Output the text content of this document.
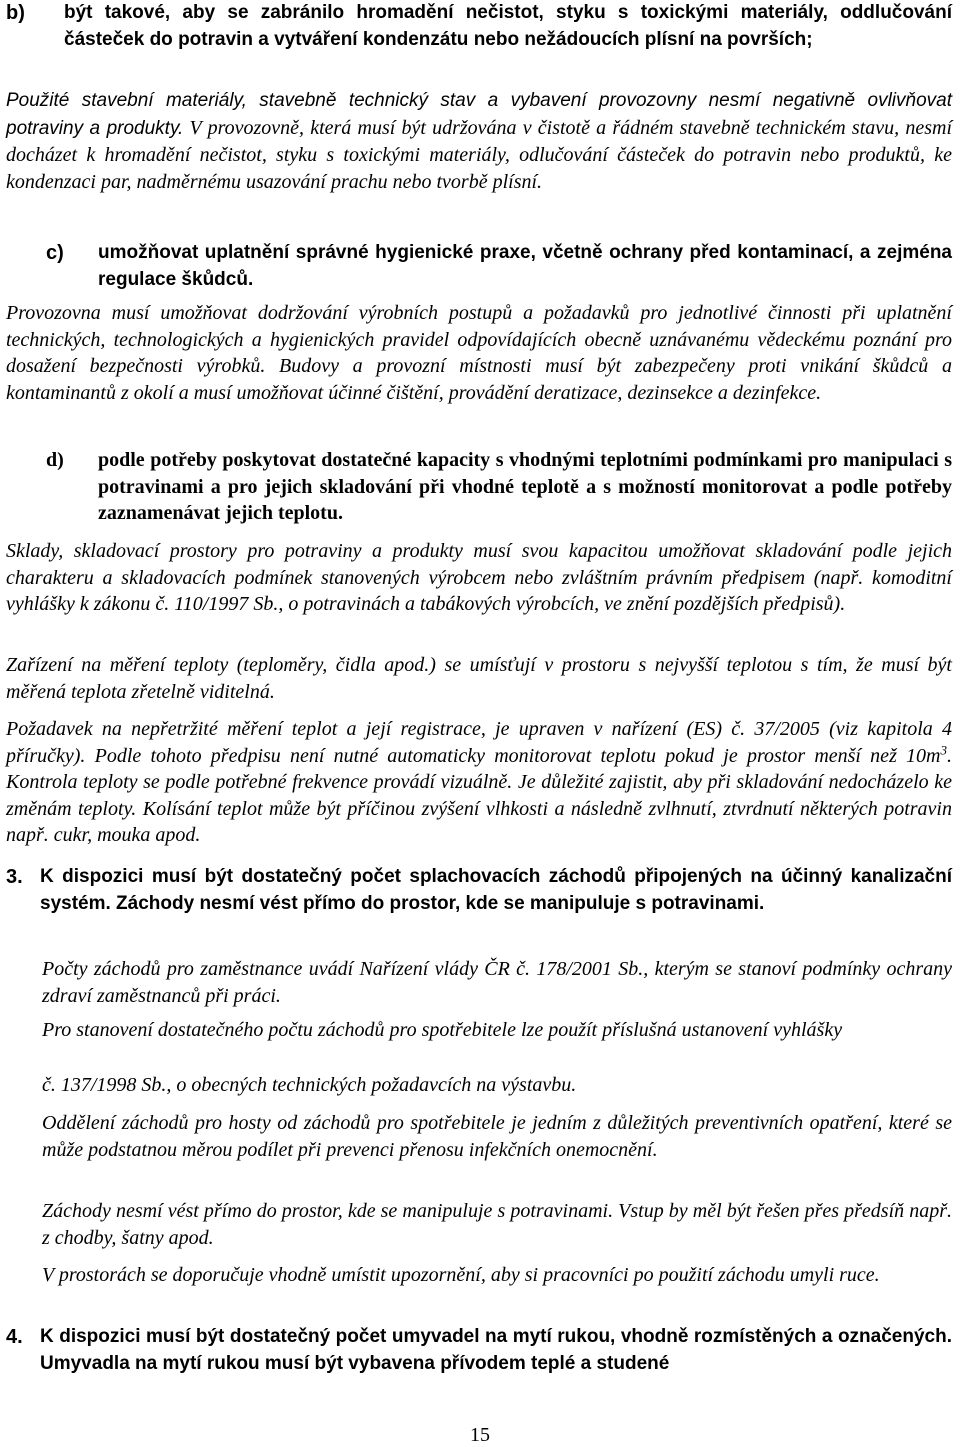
b) být takové, aby se zabránilo hromadění nečistot, styku s toxickými materiály, oddlučování částeček do potravin a vytváření kondenzátu nebo nežádoucích plísní na površích;
Použité stavební materiály, stavebně technický stav a vybavení provozovny nesmí negativně ovlivňovat potraviny a produkty. V provozovně, která musí být udržována v čistotě a řádném stavebně technickém stavu, nesmí docházet k hromadění nečistot, styku s toxickými materiály, odlučování částeček do potravin nebo produktů, ke kondenzaci par, nadměrnému usazování prachu nebo tvorbě plísní.
c) umožňovat uplatnění správné hygienické praxe, včetně ochrany před kontaminací, a zejména regulace škůdců.
Provozovna musí umožňovat dodržování výrobních postupů a požadavků pro jednotlivé činnosti při uplatnění technických, technologických a hygienických pravidel odpovídajících obecně uznávanému vědeckému poznání pro dosažení bezpečnosti výrobků. Budovy a provozní místnosti musí být zabezpečeny proti vnikání škůdců a kontaminantů z okolí a musí umožňovat účinné čištění, provádění deratizace, dezinsekce a dezinfekce.
d) podle potřeby poskytovat dostatečné kapacity s vhodnými teplotními podmínkami pro manipulaci s potravinami a pro jejich skladování při vhodné teplotě a s možností monitorovat a podle potřeby zaznamenávat jejich teplotu.
Sklady, skladovací prostory pro potraviny a produkty musí svou kapacitou umožňovat skladování podle jejich charakteru a skladovacích podmínek stanovených výrobcem nebo zvláštním právním předpisem (např. komoditní vyhlášky k zákonu č. 110/1997 Sb., o potravinách a tabákových výrobcích, ve znění pozdějších předpisů).
Zařízení na měření teploty (teploměry, čidla apod.) se umísťují v prostoru s nejvyšší teplotou s tím, že musí být měřená teplota zřetelně viditelná.
Požadavek na nepřetržité měření teplot a její registrace, je upraven v nařízení (ES) č. 37/2005 (viz kapitola 4 příručky). Podle tohoto předpisu není nutné automaticky monitorovat teplotu pokud je prostor menší než $10m^3$. Kontrola teploty se podle potřebné frekvence provádí vizuálně. Je důležité zajistit, aby při skladování nedocházelo ke změnám teploty. Kolísání teplot může být příčinou zvýšení vlhkosti a následně zvlhnutí, ztvrdnutí některých potravin např. cukr, mouka apod.
3. K dispozici musí být dostatečný počet splachovacích záchodů připojených na účinný kanalizační systém. Záchody nesmí vést přímo do prostor, kde se manipuluje s potravinami.
Počty záchodů pro zaměstnance uvádí Nařízení vlády ČR č. 178/2001 Sb., kterým se stanoví podmínky ochrany zdraví zaměstnanců při práci.
Pro stanovení dostatečného počtu záchodů pro spotřebitele lze použít příslušná ustanovení vyhlášky
č. 137/1998 Sb., o obecných technických požadavcích na výstavbu.
Oddělení záchodů pro hosty od záchodů pro spotřebitele je jedním z důležitých preventivních opatření, které se může podstatnou měrou podílet při prevenci přenosu infekčních onemocnění.
Záchody nesmí vést přímo do prostor, kde se manipuluje s potravinami. Vstup by měl být řešen přes předsíň např. z chodby, šatny apod.
V prostorách se doporučuje vhodně umístit upozornění, aby si pracovníci po použití záchodu umyli ruce.
4. K dispozici musí být dostatečný počet umyvadel na mytí rukou, vhodně rozmístěných a označených. Umyvadla na mytí rukou musí být vybavena přívodem teplé a studené
15
